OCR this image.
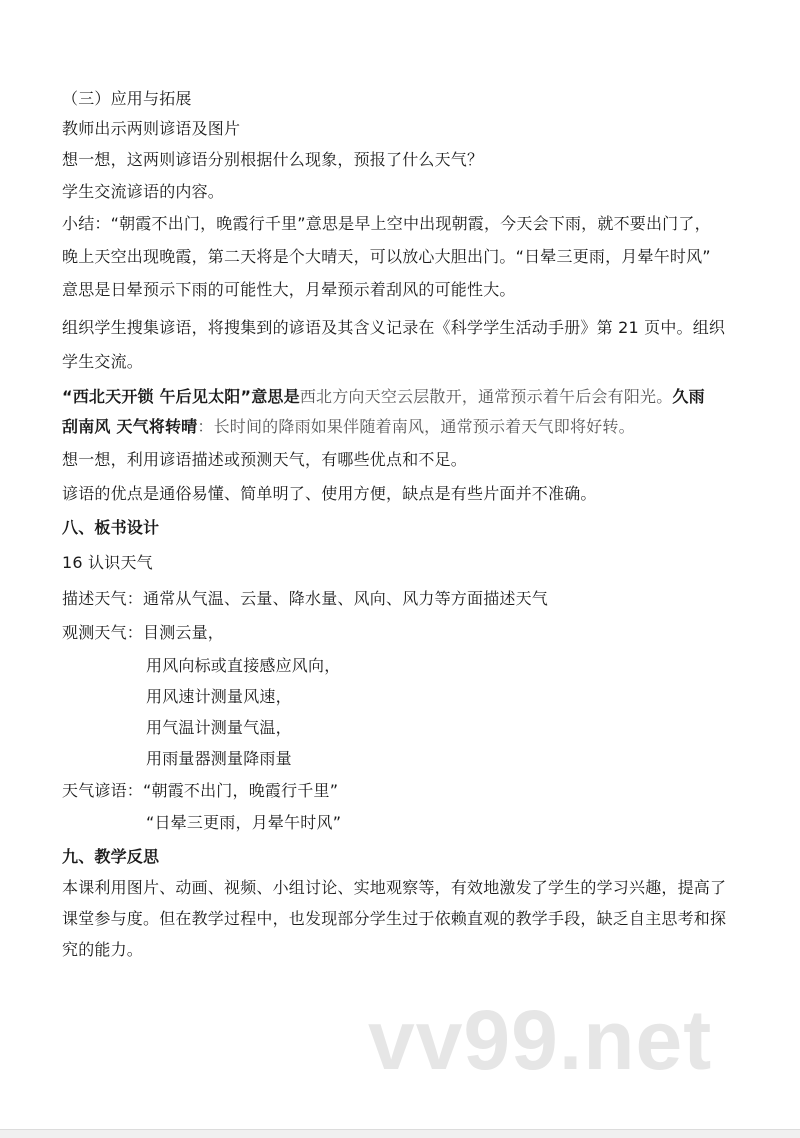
（三）应用与拓展
教师出示两则谚语及图片
想一想，这两则谚语分别根据什么现象，预报了什么天气？
学生交流谚语的内容。
小结：“朝霞不出门，晚霞行千里”意思是早上空中出现朝霞，今天会下雨，就不要出门了，
晚上天空出现晚霞，第二天将是个大晴天，可以放心大胆出门。“日晕三更雨，月晕午时风”
意思是日晕预示下雨的可能性大，月晕预示着刮风的可能性大。
组织学生搜集谚语，将搜集到的谚语及其含义记录在《科学学生活动手册》第 21 页中。组织
学生交流。
“西北天开锁 午后见太阳”意思是西北方向天空云层散开，通常预示着午后会有阳光。久雨
刮南风 天气将转晴：长时间的降雨如果伴随着南风，通常预示着天气即将好转。
想一想，利用谚语描述或预测天气，有哪些优点和不足。
谚语的优点是通俗易懂、简单明了、使用方便，缺点是有些片面并不准确。
八、板书设计
16 认识天气
描述天气：通常从气温、云量、降水量、风向、风力等方面描述天气
观测天气：目测云量，
用风向标或直接感应风向，
用风速计测量风速，
用气温计测量气温，
用雨量器测量降雨量
天气谚语：“朝霞不出门，晚霞行千里”
“日晕三更雨，月晕午时风”
九、教学反思
本课利用图片、动画、视频、小组讨论、实地观察等，有效地激发了学生的学习兴趣，提高了
课堂参与度。但在教学过程中，也发现部分学生过于依赖直观的教学手段，缺乏自主思考和探
究的能力。
vv99.net
